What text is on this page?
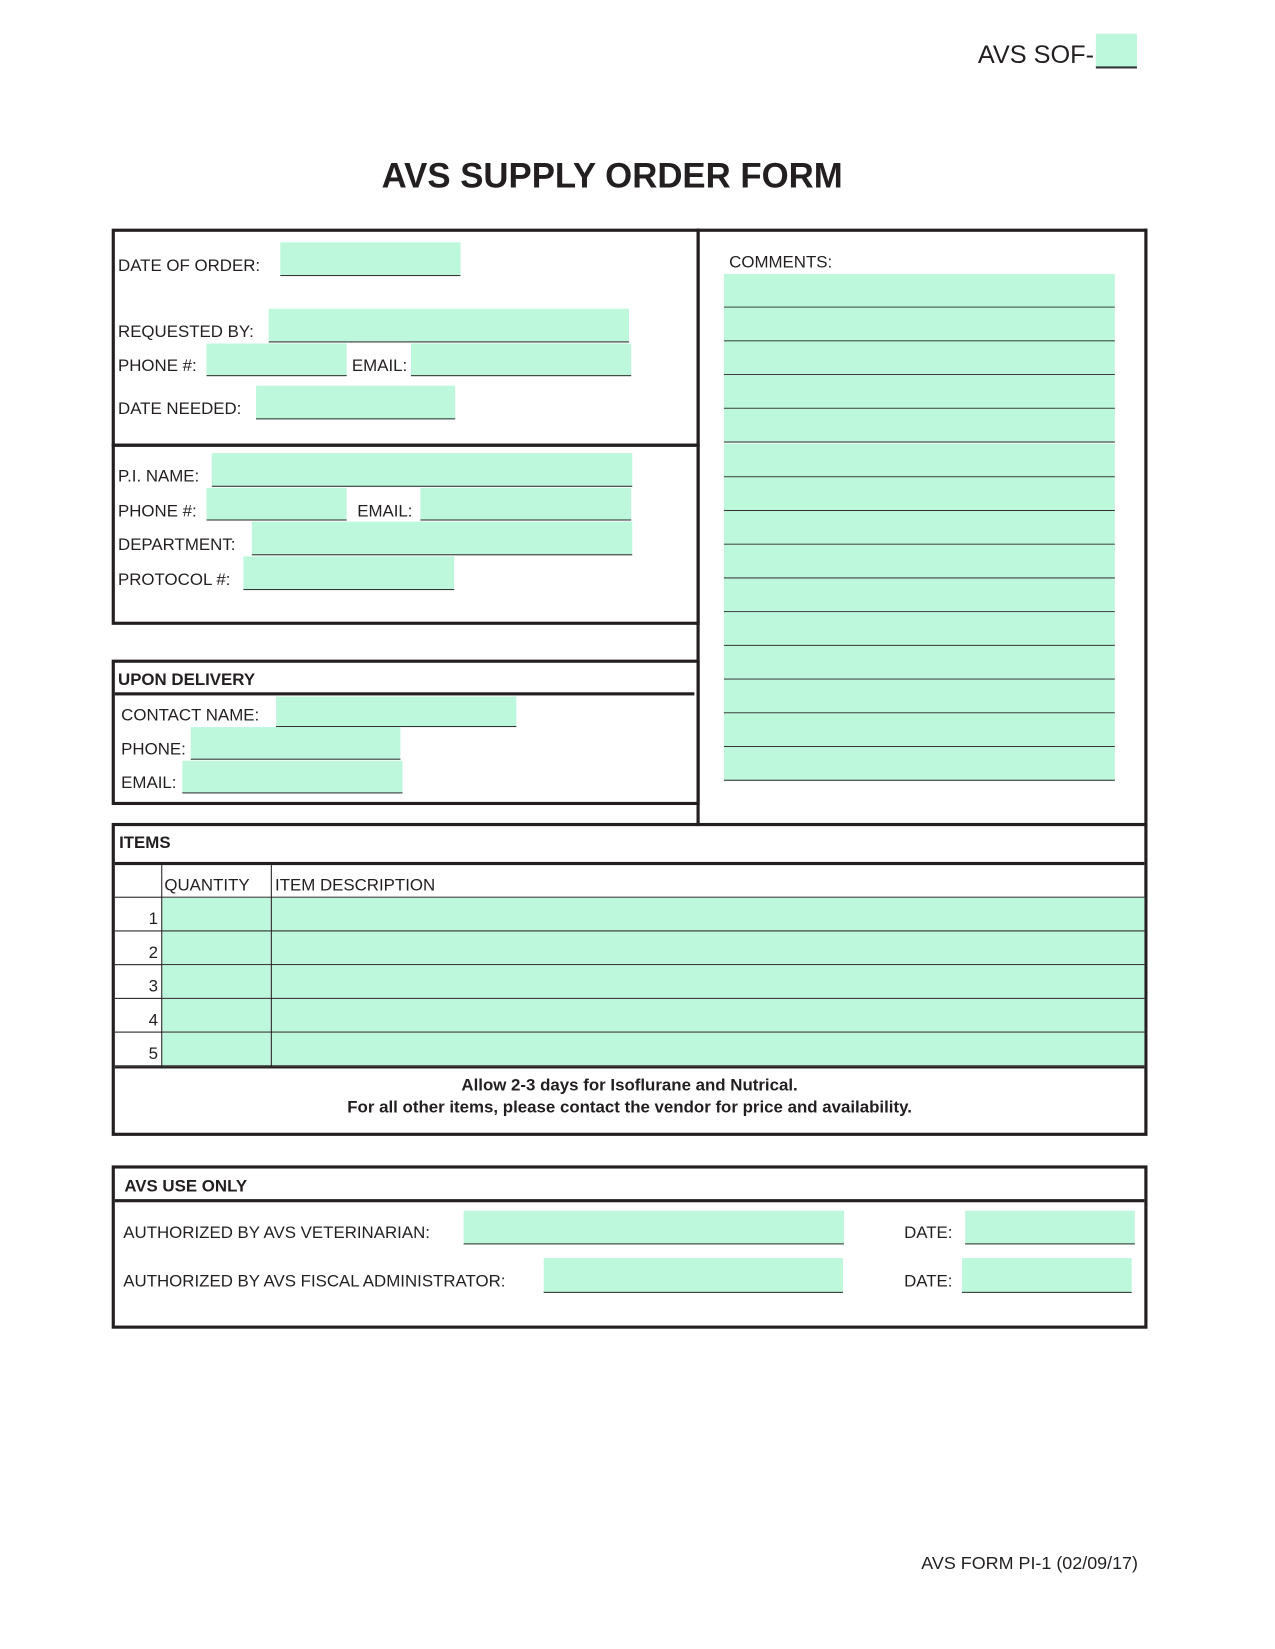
AVS SOF-
AVS SUPPLY ORDER FORM
DATE OF ORDER:
REQUESTED BY:
PHONE #:	EMAIL:
DATE NEEDED:
P.I. NAME:
PHONE #:	EMAIL:
DEPARTMENT:
PROTOCOL #:
UPON DELIVERY
CONTACT NAME:
PHONE:
EMAIL:
COMMENTS:
ITEMS
QUANTITY ITEM DESCRIPTION
1
2
3
4
5
Allow 2-3 days for Isoflurane and Nutrical.
For all other items, please contact the vendor for price and availability.
AVS USE ONLY
AUTHORIZED BY AVS VETERINARIAN:	DATE:
AUTHORIZED BY AVS FISCAL ADMINISTRATOR:	DATE:
AVS FORM PI-1 (02/09/17)
